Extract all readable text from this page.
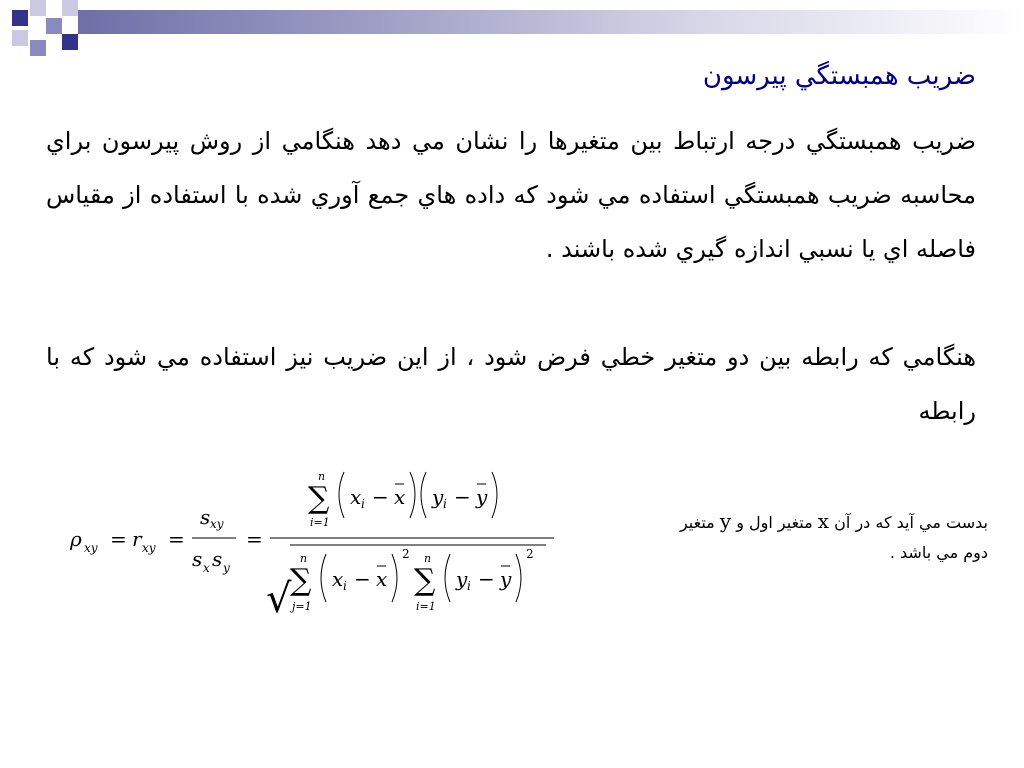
ضريب همبستگي پيرسون
ضريب همبستگي درجه ارتباط بين متغيرها را نشان مي دهد هنگامي از روش پيرسون براي محاسبه ضريب همبستگي استفاده مي شود كه داده هاي جمع آوري شده با استفاده از مقياس فاصله اي يا نسبي اندازه گيري شده باشند .
هنگامي كه رابطه بين دو متغير خطي فرض شود ، از اين ضريب نيز استفاده مي شود كه با رابطه
ρ xy = r xy =
s xy
s x s y
=
n
∑
i=1
x i − x y i − y
√
n
∑
j=1
x i − x
2 n
∑
i=1
y i − y
2
بدست مي آيد كه در آن x متغير اول و y متغير
دوم مي باشد .
